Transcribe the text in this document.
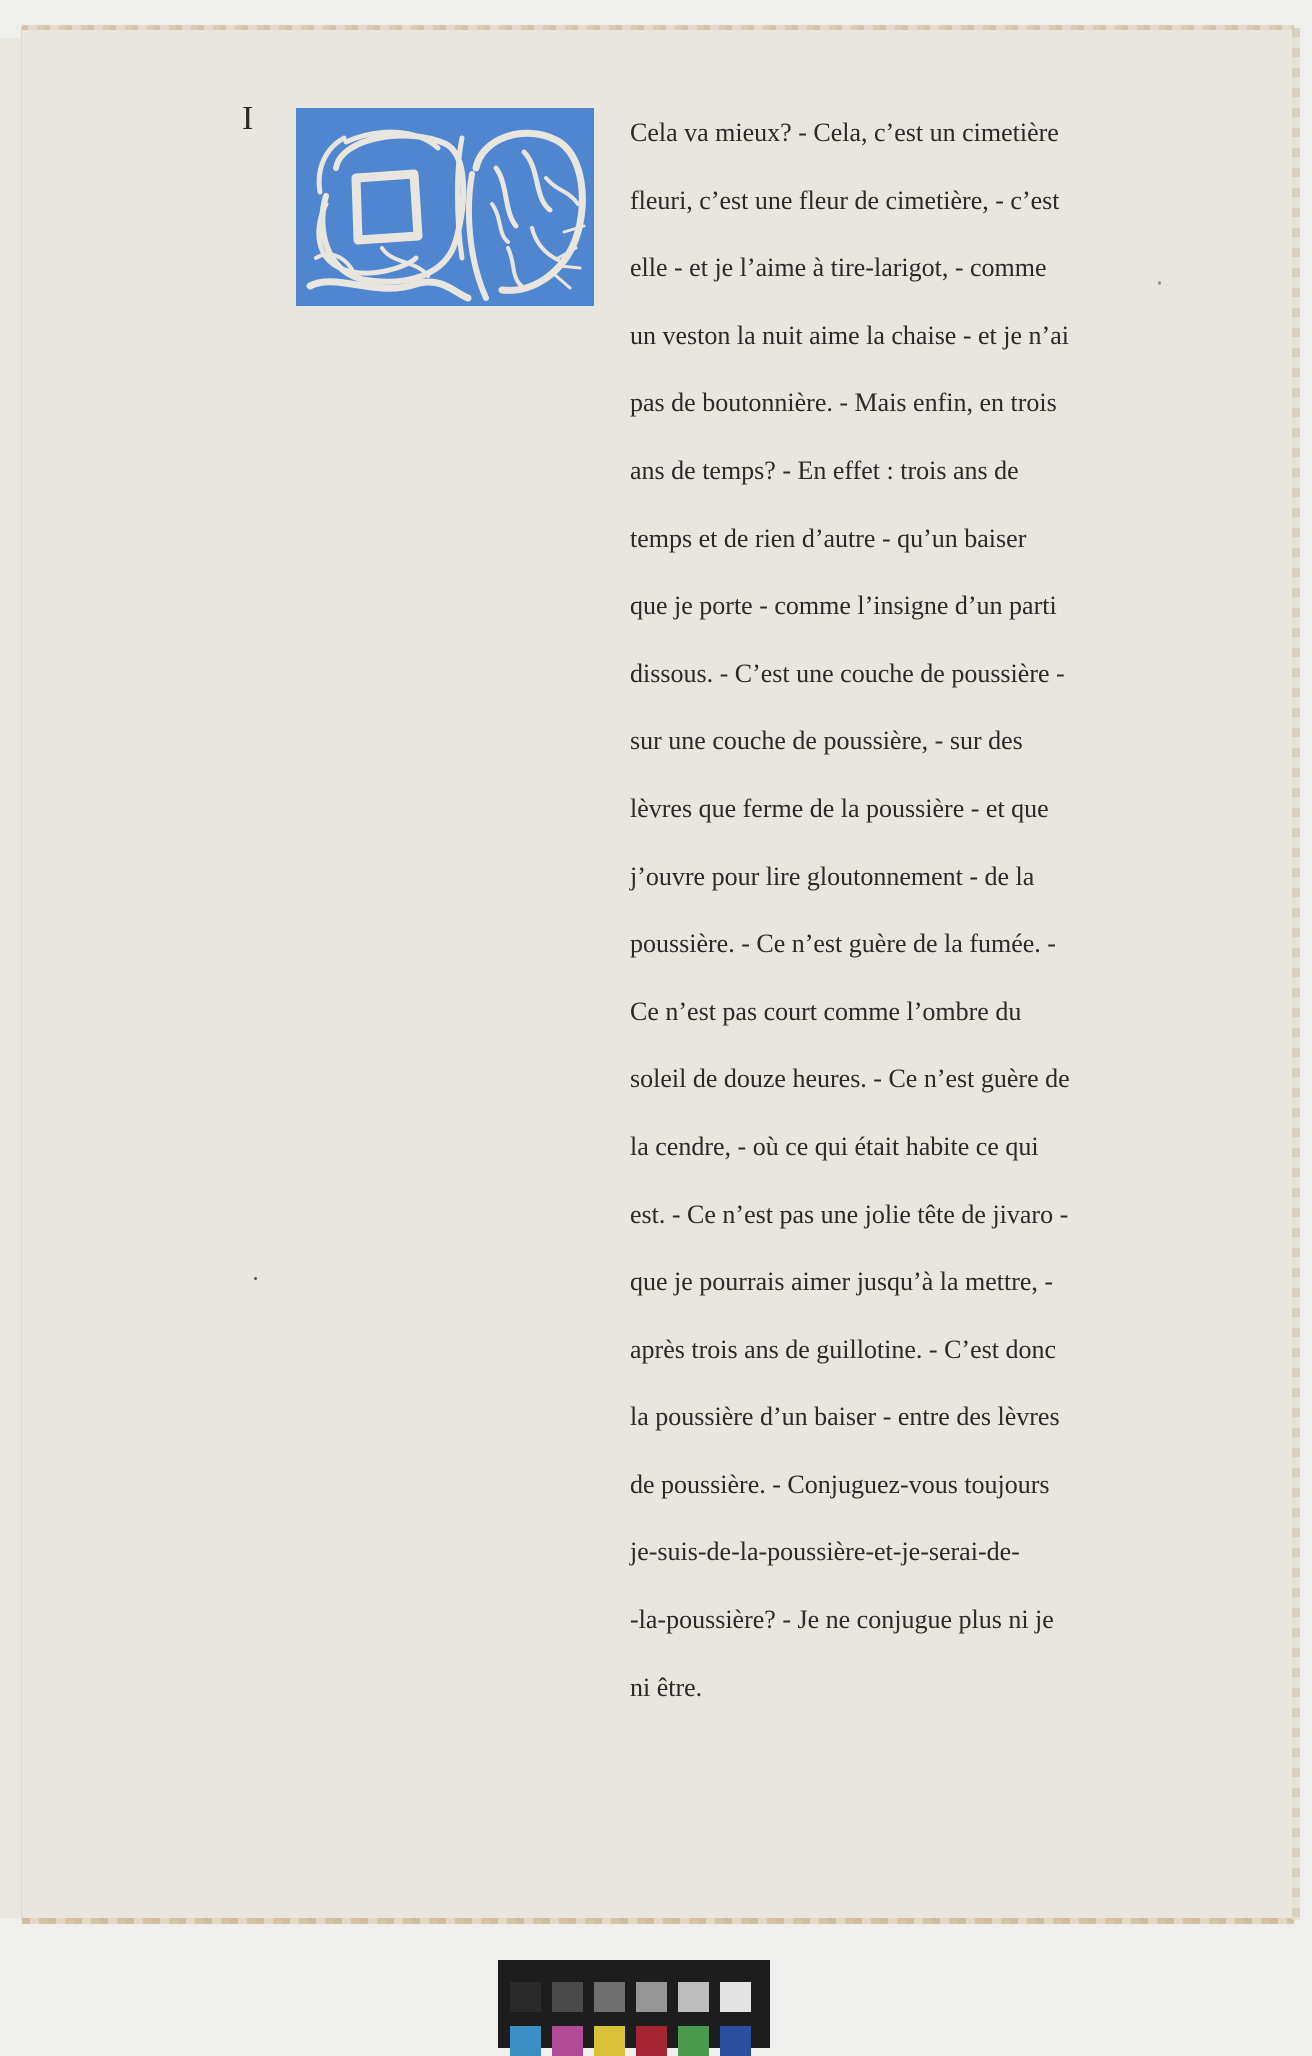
I	Cela va mieux? - Cela, c’est un cimetière
fleuri, c’est une fleur de cimetière, - c’est
elle - et je l’aime à tire-larigot, - comme
un veston la nuit aime la chaise - et je n’ai
pas de boutonnière. - Mais enfin, en trois
ans de temps? - En effet : trois ans de
temps et de rien d’autre - qu’un baiser
que je porte - comme l’insigne d’un parti
dissous. - C’est une couche de poussière -
sur une couche de poussière, - sur des
lèvres que ferme de la poussière - et que
j’ouvre pour lire gloutonnement - de la
poussière. - Ce n’est guère de la fumée. -
Ce n’est pas court comme l’ombre du
soleil de douze heures. - Ce n’est guère de
la cendre, - où ce qui était habite ce qui
est. - Ce n’est pas une jolie tête de jivaro -
que je pourrais aimer jusqu’à la mettre, -
après trois ans de guillotine. - C’est donc
la poussière d’un baiser - entre des lèvres
de poussière. - Conjuguez-vous toujours
je-suis-de-la-poussière-et-je-serai-de-
-la-poussière? - Je ne conjugue plus ni je
ni être.
